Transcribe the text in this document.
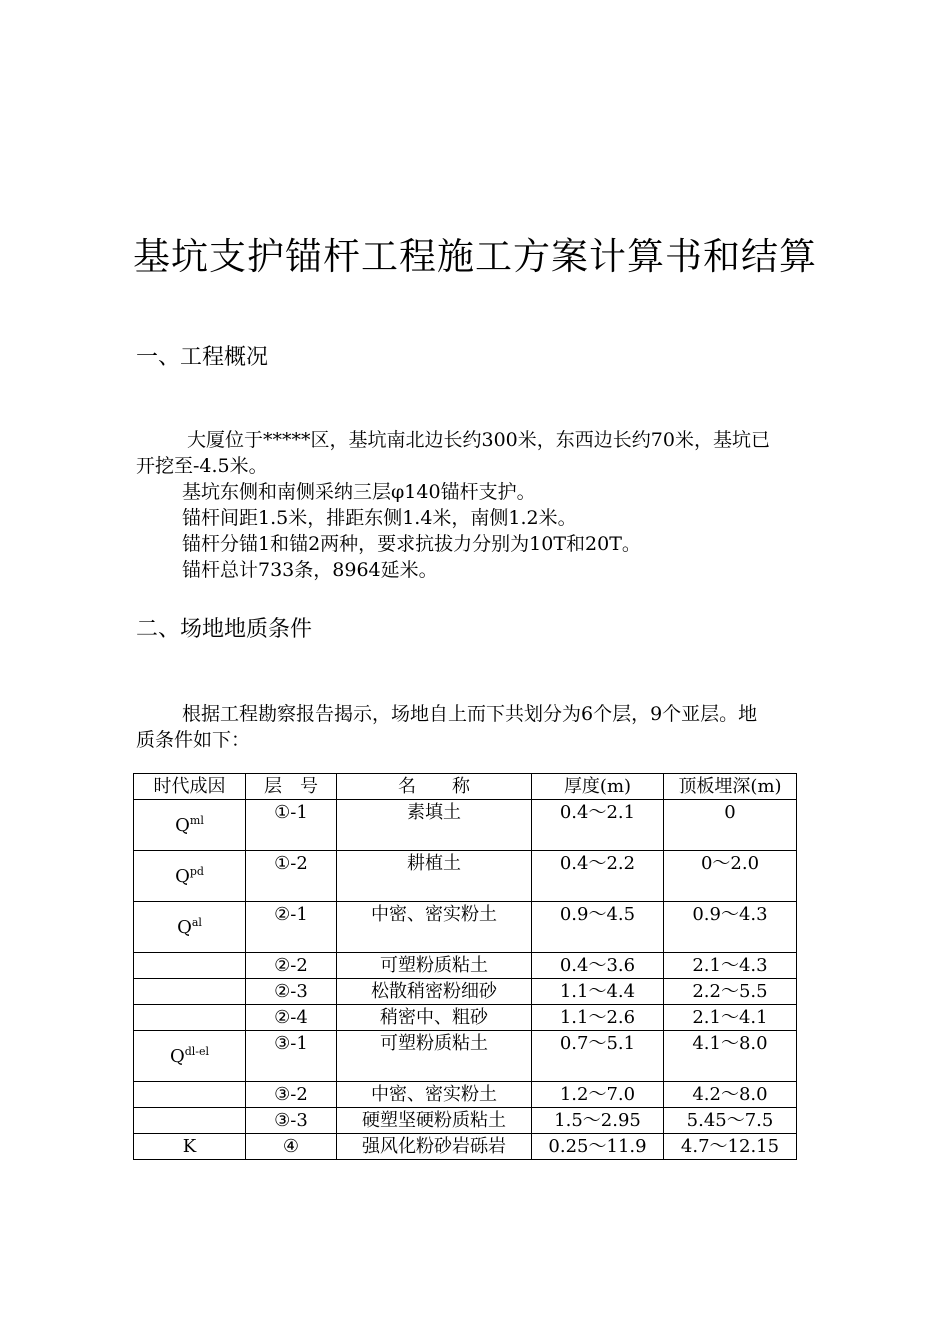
基坑支护锚杆工程施工方案计算书和结算
一、工程概况
大厦位于*****区，基坑南北边长约300米，东西边长约70米，基坑已
开挖至-4.5米。
基坑东侧和南侧采纳三层φ140锚杆支护。
锚杆间距1.5米，排距东侧1.4米，南侧1.2米。
锚杆分锚1和锚2两种，要求抗拔力分别为10T和20T。
锚杆总计733条，8964延米。
二、场地地质条件
根据工程勘察报告揭示，场地自上而下共划分为6个层，9个亚层。地
质条件如下：
时代成因	层　号	名　　称	厚度(m)	顶板埋深(m)
$Q^{ml}$	①-1	素填土	0.4～2.1	0
$Q^{pd}$	①-2	耕植土	0.4～2.2	0～2.0
$Q^{al}$	②-1	中密、密实粉土	0.9～4.5	0.9～4.3
	②-2	可塑粉质粘土	0.4～3.6	2.1～4.3
	②-3	松散稍密粉细砂	1.1～4.4	2.2～5.5
	②-4	稍密中、粗砂	1.1～2.6	2.1～4.1
$Q^{dl-el}$	③-1	可塑粉质粘土	0.7～5.1	4.1～8.0
	③-2	中密、密实粉土	1.2～7.0	4.2～8.0
	③-3	硬塑坚硬粉质粘土	1.5～2.95	5.45～7.5
K	④	强风化粉砂岩砾岩	0.25～11.9	4.7～12.15
